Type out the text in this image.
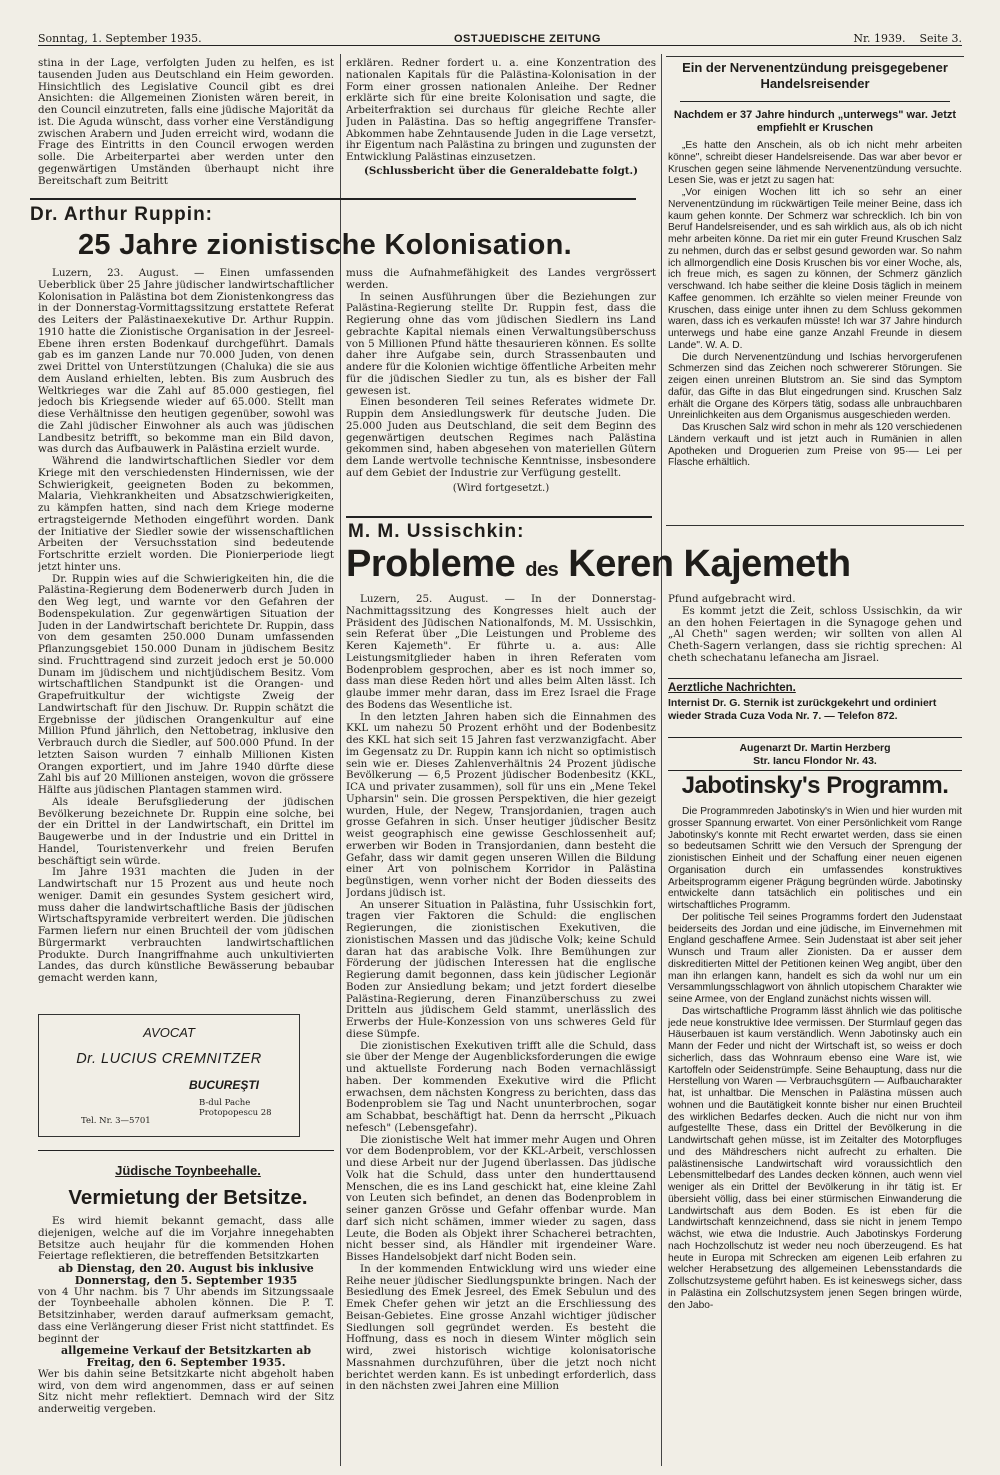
Sonntag, 1. September 1935.	OSTJUEDISCHE ZEITUNG	Nr. 1939. Seite 3.

stina in der Lage, verfolgten Juden zu helfen, es ist tausenden Juden aus Deutschland ein Heim geworden. Hinsichtlich des Legislative Council gibt es drei Ansichten: die Allgemeinen Zionisten wären bereit, in den Council einzutreten, falls eine jüdische Majorität da ist. Die Aguda wünscht, dass vorher eine Verständigung zwischen Arabern und Juden erreicht wird, wodann die Frage des Eintritts in den Council erwogen werden solle. Die Arbeiterpartei aber werden unter den gegenwärtigen Umständen überhaupt nicht ihre Bereitschaft zum Beitritt

erklären. Redner fordert u. a. eine Konzentration des nationalen Kapitals für die Palästina-Kolonisation in der Form einer grossen nationalen Anleihe. Der Redner erklärte sich für eine breite Kolonisation und sagte, die Arbeiterfraktion sei durchaus für gleiche Rechte aller Juden in Palästina. Das so heftig angegriffene Transfer-Abkommen habe Zehntausende Juden in die Lage versetzt, ihr Eigentum nach Palästina zu bringen und zugunsten der Entwicklung Palästinas einzusetzen.

(Schlussbericht über die Generaldebatte folgt.)

Dr. Arthur Ruppin:
25 Jahre zionistische Kolonisation.

Luzern, 23. August. — Einen umfassenden Ueberblick über 25 Jahre jüdischer landwirtschaftlicher Kolonisation in Palästina bot dem Zionistenkongress das in der Donnerstag-Vormittagssitzung erstattete Referat des Leiters der Palästinaexekutive Dr. Arthur Ruppin. 1910 hatte die Zionistische Organisation in der Jesreel-Ebene ihren ersten Bodenkauf durchgeführt. Damals gab es im ganzen Lande nur 70.000 Juden, von denen zwei Drittel von Unterstützungen (Chaluka) die sie aus dem Ausland erhielten, lebten. Bis zum Ausbruch des Weltkrieges war die Zahl auf 85.000 gestiegen, fiel jedoch bis Kriegsende wieder auf 65.000. Stellt man diese Verhältnisse den heutigen gegenüber, sowohl was die Zahl jüdischer Einwohner als auch was jüdischen Landbesitz betrifft, so bekomme man ein Bild davon, was durch das Aufbauwerk in Palästina erzielt wurde.

Während die landwirtschaftlichen Siedler vor dem Kriege mit den verschiedensten Hindernissen, wie der Schwierigkeit, geeigneten Boden zu bekommen, Malaria, Viehkrankheiten und Absatzschwierigkeiten, zu kämpfen hatten, sind nach dem Kriege moderne ertragsteigernde Methoden eingeführt worden. Dank der Initiative der Siedler sowie der wissenschaftlichen Arbeiten der Versuchsstation sind bedeutende Fortschritte erzielt worden. Die Pionierperiode liegt jetzt hinter uns.

Dr. Ruppin wies auf die Schwierigkeiten hin, die die Palästina-Regierung dem Bodenerwerb durch Juden in den Weg legt, und warnte vor den Gefahren der Bodenspekulation. Zur gegenwärtigen Situation der Juden in der Landwirtschaft berichtete Dr. Ruppin, dass von dem gesamten 250.000 Dunam umfassenden Pflanzungsgebiet 150.000 Dunam in jüdischem Besitz sind. Fruchttragend sind zurzeit jedoch erst je 50.000 Dunam im jüdischem und nichtjüdischem Besitz. Vom wirtschaftlichen Standpunkt ist die Orangen- und Grapefruitkultur der wichtigste Zweig der Landwirtschaft für den Jischuw. Dr. Ruppin schätzt die Ergebnisse der jüdischen Orangenkultur auf eine Million Pfund jährlich, den Nettobetrag, inklusive den Verbrauch durch die Siedler, auf 500.000 Pfund. In der letzten Saison wurden 7 einhalb Millionen Kisten Orangen exportiert, und im Jahre 1940 dürfte diese Zahl bis auf 20 Millionen ansteigen, wovon die grössere Hälfte aus jüdischen Plantagen stammen wird.

Als ideale Berufsgliederung der jüdischen Bevölkerung bezeichnete Dr. Ruppin eine solche, bei der ein Drittel in der Landwirtschaft, ein Drittel im Baugewerbe und in der Industrie und ein Drittel in Handel, Touristenverkehr und freien Berufen beschäftigt sein würde.

Im Jahre 1931 machten die Juden in der Landwirtschaft nur 15 Prozent aus und heute noch weniger. Damit ein gesundes System gesichert wird, muss daher die landwirtschaftliche Basis der jüdischen Wirtschaftspyramide verbreitert werden. Die jüdischen Farmen liefern nur einen Bruchteil der vom jüdischen Bürgermarkt verbrauchten landwirtschaftlichen Produkte. Durch Inangriffnahme auch unkultivierten Landes, das durch künstliche Bewässerung bebaubar gemacht werden kann,

muss die Aufnahmefähigkeit des Landes vergrössert werden.

In seinen Ausführungen über die Beziehungen zur Palästina-Regierung stellte Dr. Ruppin fest, dass die Regierung ohne das vom jüdischen Siedlern ins Land gebrachte Kapital niemals einen Verwaltungsüberschuss von 5 Millionen Pfund hätte thesaurieren können. Es sollte daher ihre Aufgabe sein, durch Strassenbauten und andere für die Kolonien wichtige öffentliche Arbeiten mehr für die jüdischen Siedler zu tun, als es bisher der Fall gewesen ist.

Einen besonderen Teil seines Referates widmete Dr. Ruppin dem Ansiedlungswerk für deutsche Juden. Die 25.000 Juden aus Deutschland, die seit dem Beginn des gegenwärtigen deutschen Regimes nach Palästina gekommen sind, haben abgesehen von materiellen Gütern dem Lande wertvolle technische Kenntnisse, insbesondere auf dem Gebiet der Industrie zur Verfügung gestellt.

(Wird fortgesetzt.)

M. M. Ussischkin:
Probleme des Keren Kajemeth

Luzern, 25. August. — In der Donnerstag-Nachmittagssitzung des Kongresses hielt auch der Präsident des Jüdischen Nationalfonds, M. M. Ussischkin, sein Referat über „Die Leistungen und Probleme des Keren Kajemeth". Er führte u. a. aus: Alle Leistungsmitglieder haben in ihren Referaten vom Bodenproblem gesprochen, aber es ist noch immer so, dass man diese Reden hört und alles beim Alten lässt. Ich glaube immer mehr daran, dass im Erez Israel die Frage des Bodens das Wesentliche ist.

In den letzten Jahren haben sich die Einnahmen des KKL um nahezu 50 Prozent erhöht und der Bodenbesitz des KKL hat sich seit 15 Jahren fast verzwanzigfacht. Aber im Gegensatz zu Dr. Ruppin kann ich nicht so optimistisch sein wie er. Dieses Zahlenverhältnis 24 Prozent jüdische Bevölkerung — 6,5 Prozent jüdischer Bodenbesitz (KKL, ICA und privater zusammen), soll für uns ein „Mene Tekel Upharsin" sein. Die grossen Perspektiven, die hier gezeigt wurden, Hule, der Negew, Transjordanien, tragen auch grosse Gefahren in sich. Unser heutiger jüdischer Besitz weist geographisch eine gewisse Geschlossenheit auf; erwerben wir Boden in Transjordanien, dann besteht die Gefahr, dass wir damit gegen unseren Willen die Bildung einer Art von polnischem Korridor in Palästina begünstigen, wenn vorher nicht der Boden diesseits des Jordans jüdisch ist.

An unserer Situation in Palästina, fuhr Ussischkin fort, tragen vier Faktoren die Schuld: die englischen Regierungen, die zionistischen Exekutiven, die zionistischen Massen und das jüdische Volk; keine Schuld daran hat das arabische Volk. Ihre Bemühungen zur Förderung der jüdischen Interessen hat die englische Regierung damit begonnen, dass kein jüdischer Legionär Boden zur Ansiedlung bekam; und jetzt fordert dieselbe Palästina-Regierung, deren Finanzüberschuss zu zwei Dritteln aus jüdischem Geld stammt, unerlässlich des Erwerbs der Hule-Konzession von uns schweres Geld für diese Sümpfe.

Die zionistischen Exekutiven trifft alle die Schuld, dass sie über der Menge der Augenblicksforderungen die ewige und aktuellste Forderung nach Boden vernachlässigt haben. Der kommenden Exekutive wird die Pflicht erwachsen, dem nächsten Kongress zu berichten, dass das Bodenproblem sie Tag und Nacht ununterbrochen, sogar am Schabbat, beschäftigt hat. Denn da herrscht „Pikuach nefesch" (Lebensgefahr).

Die zionistische Welt hat immer mehr Augen und Ohren vor dem Bodenproblem, vor der KKL-Arbeit, verschlossen und diese Arbeit nur der Jugend überlassen. Das jüdische Volk hat die Schuld, dass unter den hunderttausend Menschen, die es ins Land geschickt hat, eine kleine Zahl von Leuten sich befindet, an denen das Bodenproblem in seiner ganzen Grösse und Gefahr offenbar wurde. Man darf sich nicht schämen, immer wieder zu sagen, dass Leute, die Boden als Objekt ihrer Schacherei betrachten, nicht besser sind, als Händler mit irgendeiner Ware. Bisses Handelsobjekt darf nicht Boden sein.

In der kommenden Entwicklung wird uns wieder eine Reihe neuer jüdischer Siedlungspunkte bringen. Nach der Besiedlung des Emek Jesreel, des Emek Sebulun und des Emek Chefer gehen wir jetzt an die Erschliessung des Beisan-Gebietes. Eine grosse Anzahl wichtiger jüdischer Siedlungen soll gegründet werden. Es besteht die Hoffnung, dass es noch in diesem Winter möglich sein wird, zwei historisch wichtige kolonisatorische Massnahmen durchzuführen, über die jetzt noch nicht berichtet werden kann. Es ist unbedingt erforderlich, dass in den nächsten zwei Jahren eine Million

Pfund aufgebracht wird.

Es kommt jetzt die Zeit, schloss Ussischkin, da wir an den hohen Feiertagen in die Synagoge gehen und „Al Cheth" sagen werden; wir sollten von allen Al Cheth-Sagern verlangen, dass sie richtig sprechen: Al cheth schechatanu lefanecha am Jisrael.

AVOCAT
Dr. LUCIUS CREMNITZER
BUCUREŞTI
B-dul Pache Protopopescu 28
Tel. Nr. 3—5701
Jüdische Toynbeehalle.
Vermietung der Betsitze.

Es wird hiemit bekannt gemacht, dass alle diejenigen, welche auf die im Vorjahre innegehabten Betsitze auch heujahr für die kommenden Hohen Feiertage reflektieren, die betreffenden Betsitzkarten

ab Dienstag, den 20. August bis inklusive Donnerstag, den 5. September 1935

von 4 Uhr nachm. bis 7 Uhr abends im Sitzungssaale der Toynbeehalle abholen können. Die P. T. Betsitzinhaber, werden darauf aufmerksam gemacht, dass eine Verlängerung dieser Frist nicht stattfindet. Es beginnt der

allgemeine Verkauf der Betsitzkarten ab Freitag, den 6. September 1935.

Wer bis dahin seine Betsitzkarte nicht abgeholt haben wird, von dem wird angenommen, dass er auf seinen Sitz nicht mehr reflektiert. Demnach wird der Sitz anderweitig vergeben.

Ein der Nervenentzündung preisgegebener Handelsreisender
Nachdem er 37 Jahre hindurch „unterwegs" war. Jetzt empfiehlt er Kruschen

„Es hatte den Anschein, als ob ich nicht mehr arbeiten könne", schreibt dieser Handelsreisende. Das war aber bevor er Kruschen gegen seine lähmende Nervenentzündung versuchte. Lesen Sie, was er jetzt zu sagen hat:

„Vor einigen Wochen litt ich so sehr an einer Nervenentzündung im rückwärtigen Teile meiner Beine, dass ich kaum gehen konnte. Der Schmerz war schrecklich. Ich bin von Beruf Handelsreisender, und es sah wirklich aus, als ob ich nicht mehr arbeiten könne. Da riet mir ein guter Freund Kruschen Salz zu nehmen, durch das er selbst gesund geworden war. So nahm ich allmorgendlich eine Dosis Kruschen bis vor einer Woche, als, ich freue mich, es sagen zu können, der Schmerz gänzlich verschwand. Ich habe seither die kleine Dosis täglich in meinem Kaffee genommen. Ich erzählte so vielen meiner Freunde von Kruschen, dass einige unter ihnen zu dem Schluss gekommen waren, dass ich es verkaufen müsste! Ich war 37 Jahre hindurch unterwegs und habe eine ganze Anzahl Freunde in diesem Lande". W. A. D.

Die durch Nervenentzündung und Ischias hervorgerufenen Schmerzen sind das Zeichen noch schwererer Störungen. Sie zeigen einen unreinen Blutstrom an. Sie sind das Symptom dafür, das Gifte in das Blut eingedrungen sind. Kruschen Salz erhält die Organe des Körpers tätig, sodass alle unbrauchbaren Unreinlichkeiten aus dem Organismus ausgeschieden werden.

Das Kruschen Salz wird schon in mehr als 120 verschiedenen Ländern verkauft und ist jetzt auch in Rumänien in allen Apotheken und Droguerien zum Preise von 95·— Lei per Flasche erhältlich.

Aerztliche Nachrichten.
Internist Dr. G. Sternik ist zurückgekehrt und ordiniert wieder Strada Cuza Voda Nr. 7. — Telefon 872.
Augenarzt Dr. Martin Herzberg
Str. Iancu Flondor Nr. 43.
Jabotinsky's Programm.

Die Programmreden Jabotinsky's in Wien und hier wurden mit grosser Spannung erwartet. Von einer Persönlichkeit vom Range Jabotinsky's konnte mit Recht erwartet werden, dass sie einen so bedeutsamen Schritt wie den Versuch der Sprengung der zionistischen Einheit und der Schaffung einer neuen eigenen Organisation durch ein umfassendes konstruktives Arbeitsprogramm eigener Prägung begründen würde. Jabotinsky entwickelte dann tatsächlich ein politisches und ein wirtschaftliches Programm.

Der politische Teil seines Programms fordert den Judenstaat beiderseits des Jordan und eine jüdische, im Einvernehmen mit England geschaffene Armee. Sein Judenstaat ist aber seit jeher Wunsch und Traum aller Zionisten. Da er ausser dem diskreditierten Mittel der Petitionen keinen Weg angibt, über den man ihn erlangen kann, handelt es sich da wohl nur um ein Versammlungsschlagwort von ähnlich utopischem Charakter wie seine Armee, von der England zunächst nichts wissen will.

Das wirtschaftliche Programm lässt ähnlich wie das politische jede neue konstruktive Idee vermissen. Der Sturmlauf gegen das Häuserbauen ist kaum verständlich. Wenn Jabotinsky auch ein Mann der Feder und nicht der Wirtschaft ist, so weiss er doch sicherlich, dass das Wohnraum ebenso eine Ware ist, wie Kartoffeln oder Seidenstrümpfe. Seine Behauptung, dass nur die Herstellung von Waren — Verbrauchsgütern — Aufbaucharakter hat, ist unhaltbar. Die Menschen in Palästina müssen auch wohnen und die Bautätigkeit konnte bisher nur einen Bruchteil des wirklichen Bedarfes decken. Auch die nicht nur von ihm aufgestellte These, dass ein Drittel der Bevölkerung in die Landwirtschaft gehen müsse, ist im Zeitalter des Motorpfluges und des Mähdreschers nicht aufrecht zu erhalten. Die palästinensische Landwirtschaft wird voraussichtlich den Lebensmittelbedarf des Landes decken können, auch wenn viel weniger als ein Drittel der Bevölkerung in ihr tätig ist. Er übersieht völlig, dass bei einer stürmischen Einwanderung die Landwirtschaft aus dem Boden. Es ist eben für die Landwirtschaft kennzeichnend, dass sie nicht in jenem Tempo wächst, wie etwa die Industrie. Auch Jabotinskys Forderung nach Hochzollschutz ist weder neu noch überzeugend. Es hat heute in Europa mit Schrecken am eigenen Leib erfahren zu welcher Herabsetzung des allgemeinen Lebensstandards die Zollschutzsysteme geführt haben. Es ist keineswegs sicher, dass in Palästina ein Zollschutzsystem jenen Segen bringen würde, den Jabo-
